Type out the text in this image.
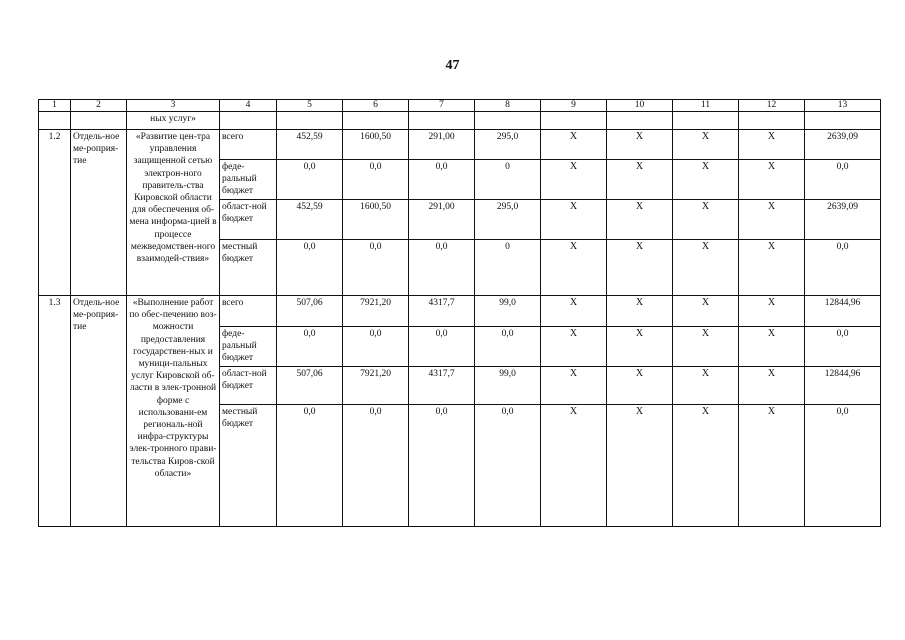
47
1	2	3	4	5	6	7	8	9	10	11	12	13
		ных услуг»										
1.2	Отдель-ное ме-роприя-тие	«Развитие цен-тра управления защищенной сетью электрон-ного правитель-ства Кировской области для обеспечения об-мена информа-цией в процессе межведомствен-ного взаимодей-ствия»	всего	452,59	1600,50	291,00	295,0	X	X	X	X	2639,09
			феде-ральный бюджет	0,0	0,0	0,0	0	X	X	X	X	0,0
			област-ной бюджет	452,59	1600,50	291,00	295,0	X	X	X	X	2639,09
			местный бюджет	0,0	0,0	0,0	0	X	X	X	X	0,0
1.3	Отдель-ное ме-роприя-тие	«Выполнение работ по обес-печению воз-можности предоставления государствен-ных и муници-пальных услуг Кировской об-ласти в элек-тронной форме с использовани-ем региональ-ной инфра-структуры элек-тронного прави-тельства Киров-ской области»	всего	507,06	7921,20	4317,7	99,0	X	X	X	X	12844,96
			феде-ральный бюджет	0,0	0,0	0,0	0,0	X	X	X	X	0,0
			област-ной бюджет	507,06	7921,20	4317,7	99,0	X	X	X	X	12844,96
			местный бюджет	0,0	0,0	0,0	0,0	X	X	X	X	0,0
